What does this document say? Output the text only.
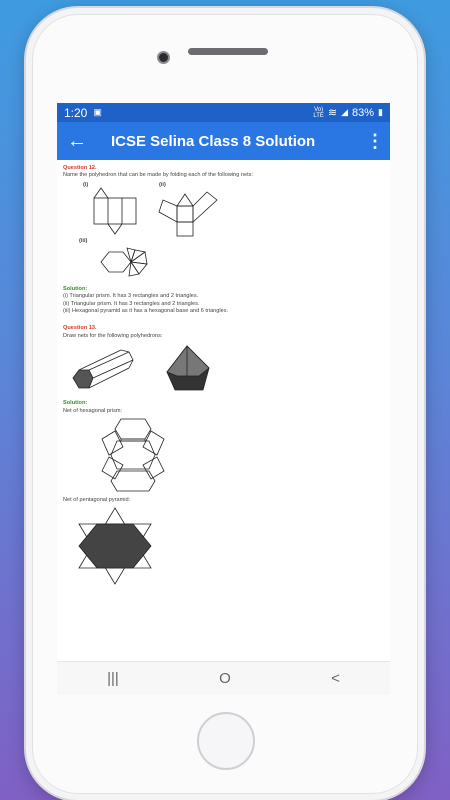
1:20 ▣	Vo)
LTE ≋ ◢ 83% ▮
←	ICSE Selina Class 8 Solution	⋮
Question 12.
Name the polyhedron that can be made by folding each of the following nets:
(i)	(ii)
(iii)
Solution:
(i) Triangular prism. It has 3 rectangles and 2 triangles.
(ii) Triangular prism. It has 3 rectangles and 2 triangles.
(iii) Hexagonal pyramid as it has a hexagonal base and 6 triangles.
Question 13.
Draw nets for the following polyhedrons:
Solution:
Net of hexagonal prism:
Net of pentagonal pyramid:
|||	O	<
